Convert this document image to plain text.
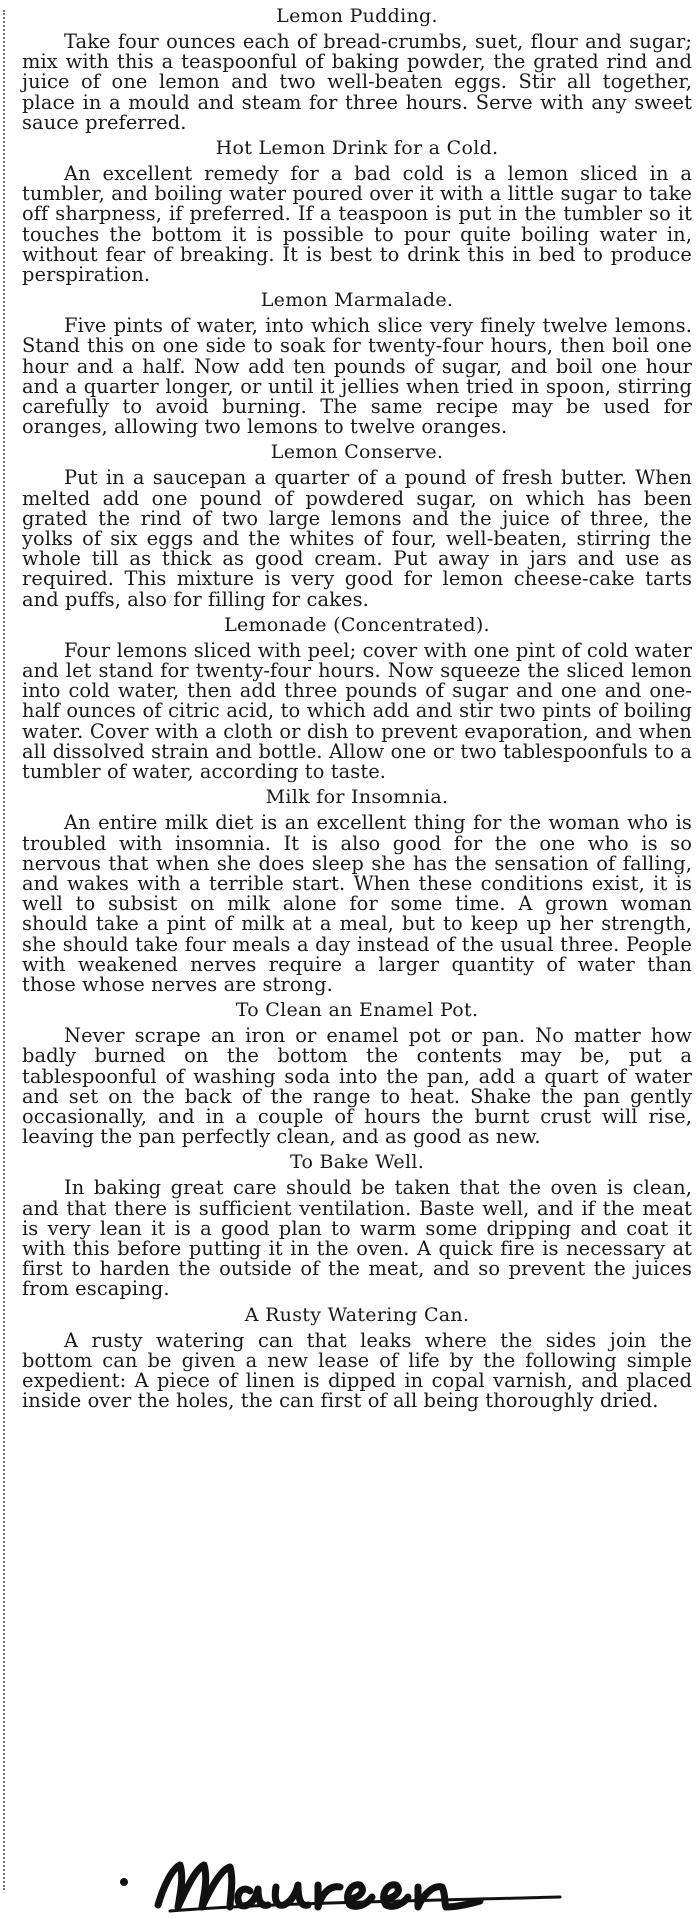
Lemon Pudding.

Take four ounces each of bread-crumbs, suet, flour and sugar; mix with this a teaspoonful of baking powder, the grated rind and juice of one lemon and two well-beaten eggs. Stir all together, place in a mould and steam for three hours. Serve with any sweet sauce preferred.

Hot Lemon Drink for a Cold.

An excellent remedy for a bad cold is a lemon sliced in a tumbler, and boiling water poured over it with a little sugar to take off sharpness, if preferred. If a teaspoon is put in the tumbler so it touches the bottom it is possible to pour quite boiling water in, without fear of breaking. It is best to drink this in bed to produce perspiration.

Lemon Marmalade.

Five pints of water, into which slice very finely twelve lemons. Stand this on one side to soak for twenty-four hours, then boil one hour and a half. Now add ten pounds of sugar, and boil one hour and a quarter longer, or until it jellies when tried in spoon, stirring carefully to avoid burning. The same recipe may be used for oranges, allowing two lemons to twelve oranges.

Lemon Conserve.

Put in a saucepan a quarter of a pound of fresh butter. When melted add one pound of powdered sugar, on which has been grated the rind of two large lemons and the juice of three, the yolks of six eggs and the whites of four, well-beaten, stirring the whole till as thick as good cream. Put away in jars and use as required. This mixture is very good for lemon cheese-cake tarts and puffs, also for filling for cakes.

Lemonade (Concentrated).

Four lemons sliced with peel; cover with one pint of cold water and let stand for twenty-four hours. Now squeeze the sliced lemon into cold water, then add three pounds of sugar and one and one-half ounces of citric acid, to which add and stir two pints of boiling water. Cover with a cloth or dish to prevent evaporation, and when all dissolved strain and bottle. Allow one or two tablespoonfuls to a tumbler of water, according to taste.

Milk for Insomnia.

An entire milk diet is an excellent thing for the woman who is troubled with insomnia. It is also good for the one who is so nervous that when she does sleep she has the sensation of falling, and wakes with a terrible start. When these conditions exist, it is well to subsist on milk alone for some time. A grown woman should take a pint of milk at a meal, but to keep up her strength, she should take four meals a day instead of the usual three. People with weakened nerves require a larger quantity of water than those whose nerves are strong.

To Clean an Enamel Pot.

Never scrape an iron or enamel pot or pan. No matter how badly burned on the bottom the contents may be, put a tablespoonful of washing soda into the pan, add a quart of water and set on the back of the range to heat. Shake the pan gently occasionally, and in a couple of hours the burnt crust will rise, leaving the pan perfectly clean, and as good as new.

To Bake Well.

In baking great care should be taken that the oven is clean, and that there is sufficient ventilation. Baste well, and if the meat is very lean it is a good plan to warm some dripping and coat it with this before putting it in the oven. A quick fire is necessary at first to harden the outside of the meat, and so prevent the juices from escaping.

A Rusty Watering Can.

A rusty watering can that leaks where the sides join the bottom can be given a new lease of life by the following simple expedient: A piece of linen is dipped in copal varnish, and placed inside over the holes, the can first of all being thoroughly dried.
